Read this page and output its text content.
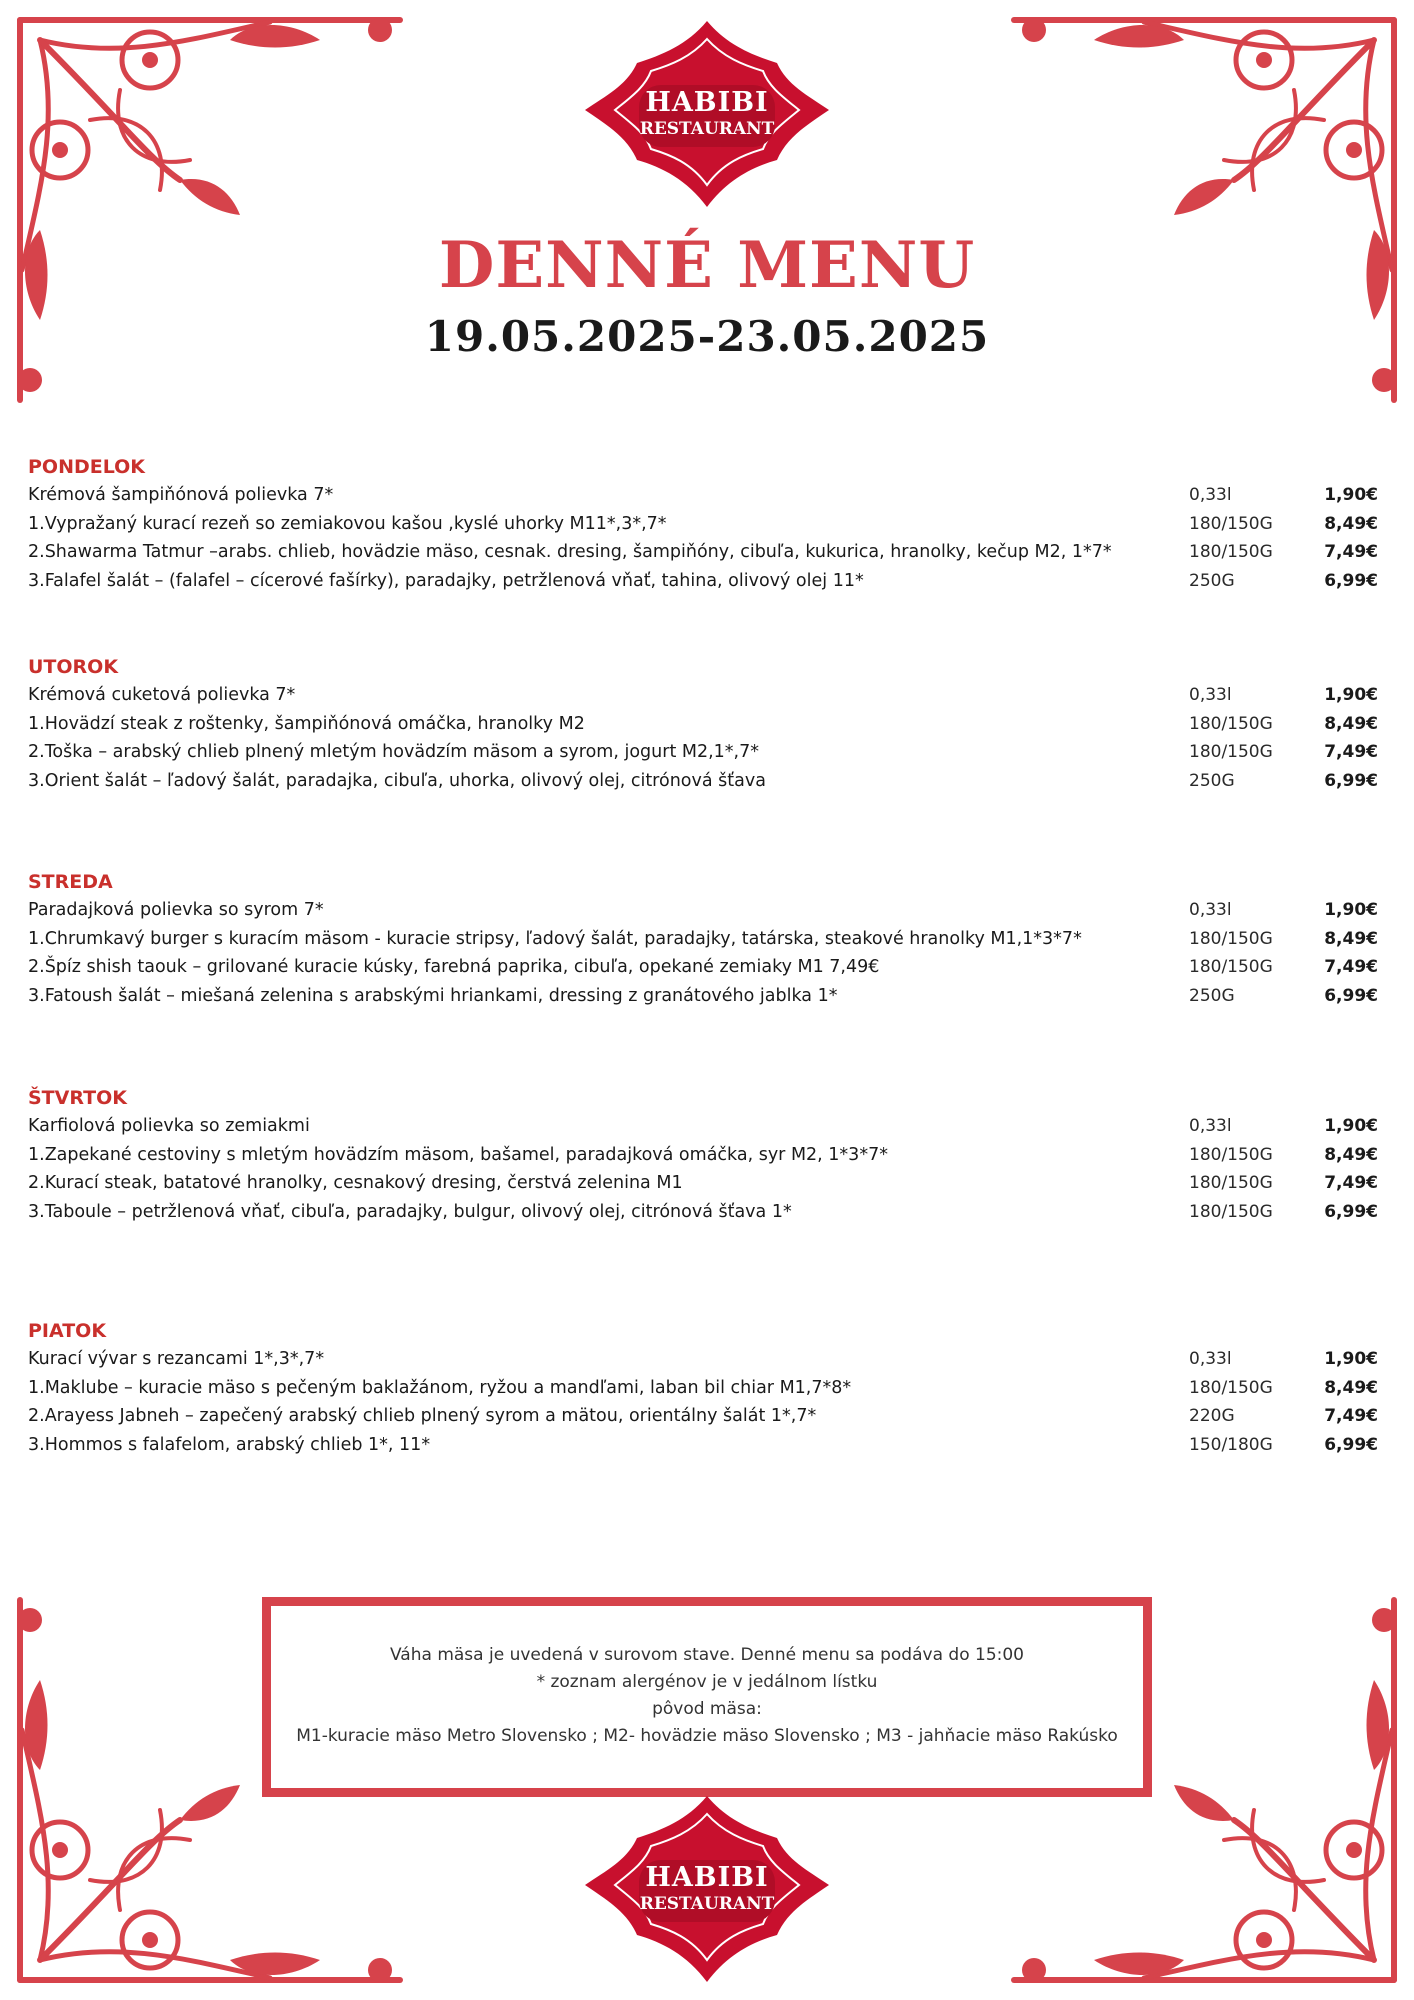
HABIBI
RESTAURANT
DENNÉ MENU
19.05.2025-23.05.2025
PONDELOK
Krémová šampiňónová polievka 7*	0,33l	1,90€
1.Vypražaný kurací rezeň so zemiakovou kašou ,kyslé uhorky M11*,3*,7*	180/150G	8,49€
2.Shawarma Tatmur –arabs. chlieb, hovädzie mäso, cesnak. dresing, šampiňóny, cibuľa, kukurica, hranolky, kečup M2, 1*7*	180/150G	7,49€
3.Falafel šalát – (falafel – cícerové fašírky), paradajky, petržlenová vňať, tahina, olivový olej 11*	250G	6,99€
UTOROK
Krémová cuketová polievka 7*	0,33l	1,90€
1.Hovädzí steak z roštenky, šampiňónová omáčka, hranolky M2	180/150G	8,49€
2.Toška – arabský chlieb plnený mletým hovädzím mäsom a syrom, jogurt M2,1*,7*	180/150G	7,49€
3.Orient šalát – ľadový šalát, paradajka, cibuľa, uhorka, olivový olej, citrónová šťava	250G	6,99€
STREDA
Paradajková polievka so syrom 7*	0,33l	1,90€
1.Chrumkavý burger s kuracím mäsom - kuracie stripsy, ľadový šalát, paradajky, tatárska, steakové hranolky M1,1*3*7*	180/150G	8,49€
2.Špíz shish taouk – grilované kuracie kúsky, farebná paprika, cibuľa, opekané zemiaky M1 7,49€	180/150G	7,49€
3.Fatoush šalát – miešaná zelenina s arabskými hriankami, dressing z granátového jablka 1*	250G	6,99€
ŠTVRTOK
Karfiolová polievka so zemiakmi	0,33l	1,90€
1.Zapekané cestoviny s mletým hovädzím mäsom, bašamel, paradajková omáčka, syr M2, 1*3*7*	180/150G	8,49€
2.Kurací steak, batatové hranolky, cesnakový dresing, čerstvá zelenina M1	180/150G	7,49€
3.Taboule – petržlenová vňať, cibuľa, paradajky, bulgur, olivový olej, citrónová šťava 1*	180/150G	6,99€
PIATOK
Kurací vývar s rezancami 1*,3*,7*	0,33l	1,90€
1.Maklube – kuracie mäso s pečeným baklažánom, ryžou a mandľami, laban bil chiar M1,7*8*	180/150G	8,49€
2.Arayess Jabneh – zapečený arabský chlieb plnený syrom a mätou, orientálny šalát 1*,7*	220G	7,49€
3.Hommos s falafelom, arabský chlieb 1*, 11*	150/180G	6,99€
Váha mäsa je uvedená v surovom stave. Denné menu sa podáva do 15:00
* zoznam alergénov je v jedálnom lístku
pôvod mäsa:
M1-kuracie mäso Metro Slovensko ; M2- hovädzie mäso Slovensko ; M3 - jahňacie mäso Rakúsko
HABIBI
RESTAURANT
